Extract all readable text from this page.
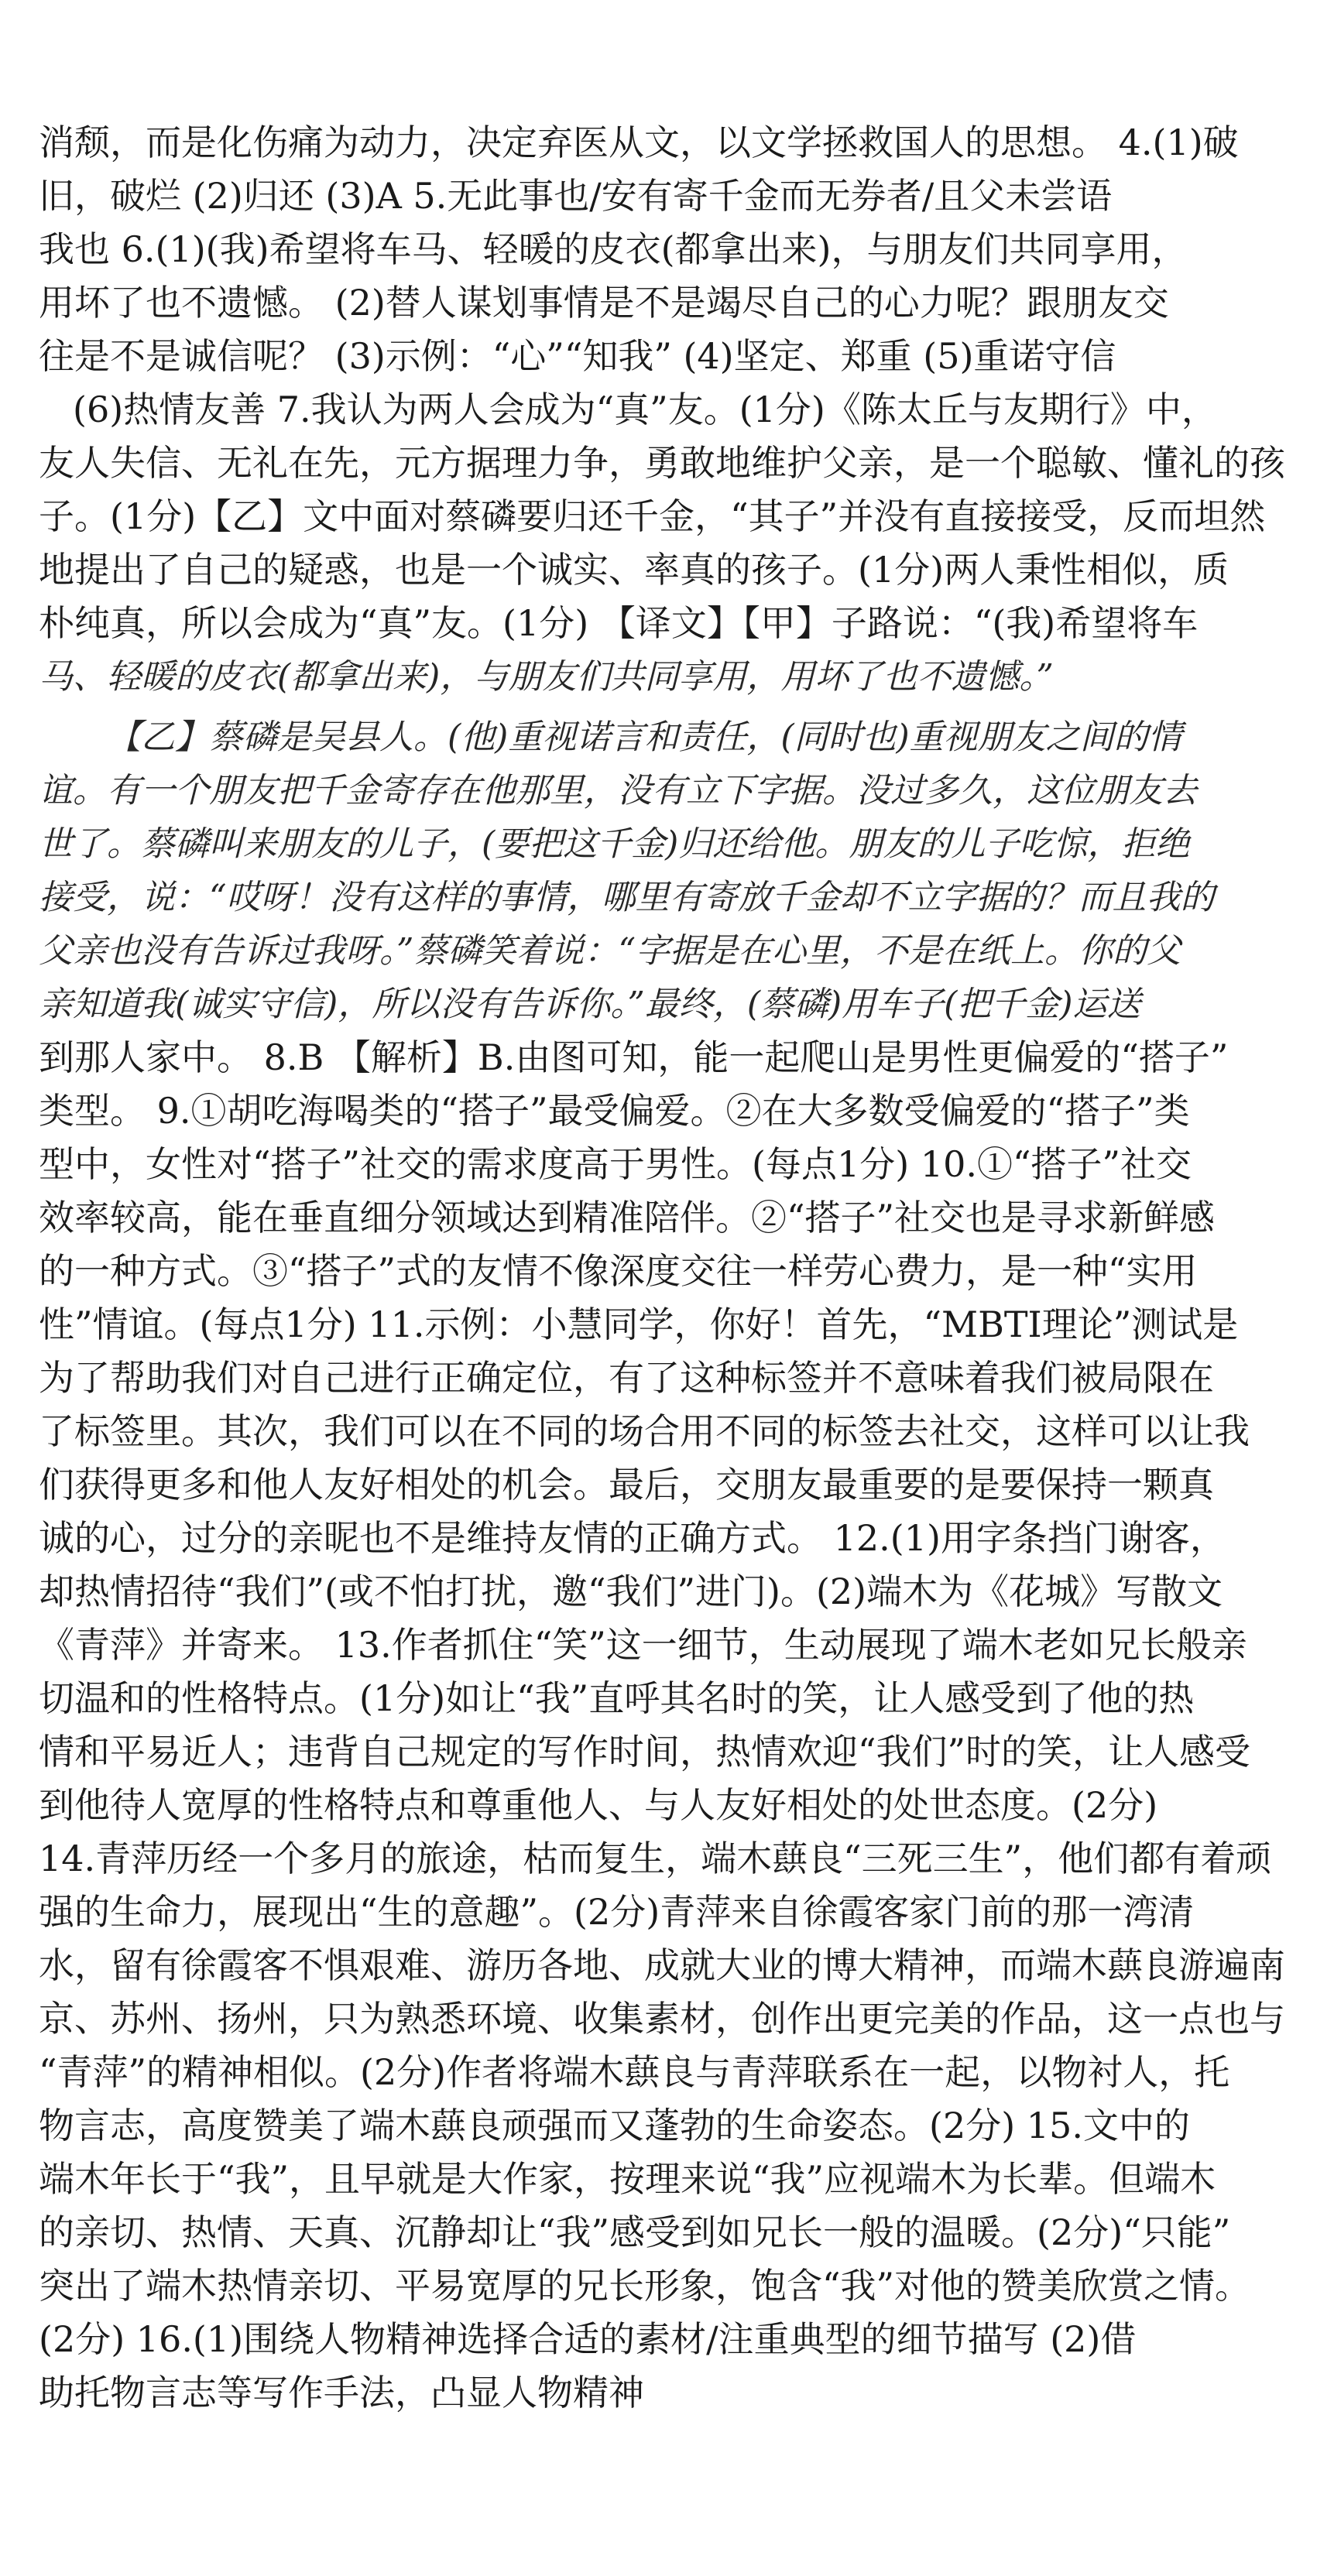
消颓，而是化伤痛为动力，决定弃医从文，以文学拯救国人的思想。 4.(1)破
旧，破烂 (2)归还 (3)A 5.无此事也/安有寄千金而无券者/且父未尝语
我也 6.(1)(我)希望将车马、轻暖的皮衣(都拿出来)，与朋友们共同享用，
用坏了也不遗憾。 (2)替人谋划事情是不是竭尽自己的心力呢？跟朋友交
往是不是诚信呢？ (3)示例：“心”“知我” (4)坚定、郑重 (5)重诺守信
(6)热情友善 7.我认为两人会成为“真”友。(1分)《陈太丘与友期行》中，
友人失信、无礼在先，元方据理力争，勇敢地维护父亲，是一个聪敏、懂礼的孩
子。(1分)【乙】文中面对蔡磷要归还千金，“其子”并没有直接接受，反而坦然
地提出了自己的疑惑，也是一个诚实、率真的孩子。(1分)两人秉性相似，质
朴纯真，所以会成为“真”友。(1分) 【译文】【甲】子路说：“(我)希望将车
马、轻暖的皮衣(都拿出来)，与朋友们共同享用，用坏了也不遗憾。”
【乙】蔡磷是吴县人。(他)重视诺言和责任，(同时也)重视朋友之间的情
谊。有一个朋友把千金寄存在他那里，没有立下字据。没过多久，这位朋友去
世了。蔡磷叫来朋友的儿子，(要把这千金)归还给他。朋友的儿子吃惊，拒绝
接受，说：“哎呀！没有这样的事情，哪里有寄放千金却不立字据的？而且我的
父亲也没有告诉过我呀。”蔡磷笑着说：“字据是在心里，不是在纸上。你的父
亲知道我(诚实守信)，所以没有告诉你。”最终，(蔡磷)用车子(把千金)运送
到那人家中。 8.B 【解析】B.由图可知，能一起爬山是男性更偏爱的“搭子”
类型。 9.①胡吃海喝类的“搭子”最受偏爱。②在大多数受偏爱的“搭子”类
型中，女性对“搭子”社交的需求度高于男性。(每点1分) 10.①“搭子”社交
效率较高，能在垂直细分领域达到精准陪伴。②“搭子”社交也是寻求新鲜感
的一种方式。③“搭子”式的友情不像深度交往一样劳心费力，是一种“实用
性”情谊。(每点1分) 11.示例：小慧同学，你好！首先，“MBTI理论”测试是
为了帮助我们对自己进行正确定位，有了这种标签并不意味着我们被局限在
了标签里。其次，我们可以在不同的场合用不同的标签去社交，这样可以让我
们获得更多和他人友好相处的机会。最后，交朋友最重要的是要保持一颗真
诚的心，过分的亲昵也不是维持友情的正确方式。 12.(1)用字条挡门谢客，
却热情招待“我们”(或不怕打扰，邀“我们”进门)。(2)端木为《花城》写散文
《青萍》并寄来。 13.作者抓住“笑”这一细节，生动展现了端木老如兄长般亲
切温和的性格特点。(1分)如让“我”直呼其名时的笑，让人感受到了他的热
情和平易近人；违背自己规定的写作时间，热情欢迎“我们”时的笑，让人感受
到他待人宽厚的性格特点和尊重他人、与人友好相处的处世态度。(2分)
14.青萍历经一个多月的旅途，枯而复生，端木蕻良“三死三生”，他们都有着顽
强的生命力，展现出“生的意趣”。(2分)青萍来自徐霞客家门前的那一湾清
水，留有徐霞客不惧艰难、游历各地、成就大业的博大精神，而端木蕻良游遍南
京、苏州、扬州，只为熟悉环境、收集素材，创作出更完美的作品，这一点也与
“青萍”的精神相似。(2分)作者将端木蕻良与青萍联系在一起，以物衬人，托
物言志，高度赞美了端木蕻良顽强而又蓬勃的生命姿态。(2分) 15.文中的
端木年长于“我”，且早就是大作家，按理来说“我”应视端木为长辈。但端木
的亲切、热情、天真、沉静却让“我”感受到如兄长一般的温暖。(2分)“只能”
突出了端木热情亲切、平易宽厚的兄长形象，饱含“我”对他的赞美欣赏之情。
(2分) 16.(1)围绕人物精神选择合适的素材/注重典型的细节描写 (2)借
助托物言志等写作手法，凸显人物精神
